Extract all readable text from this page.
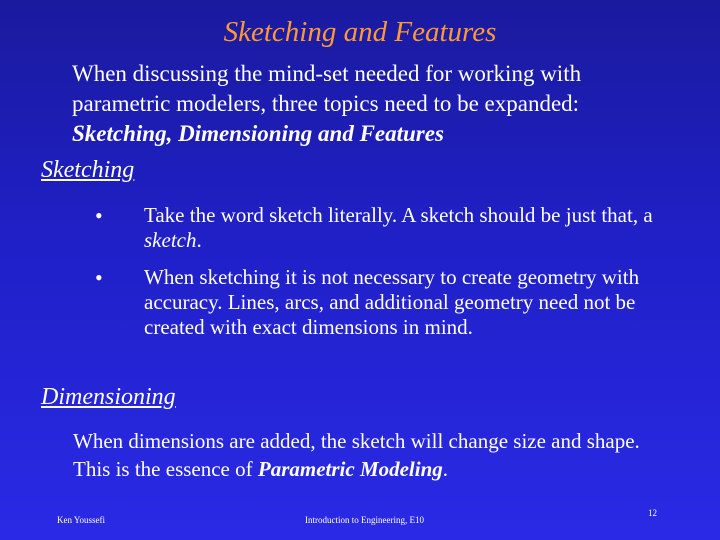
Sketching and Features
When discussing the mind-set needed for working with parametric modelers, three topics need to be expanded: Sketching, Dimensioning and Features
Sketching
• Take the word sketch literally. A sketch should be just that, a sketch.
• When sketching it is not necessary to create geometry with accuracy. Lines, arcs, and additional geometry need not be created with exact dimensions in mind.
Dimensioning
When dimensions are added, the sketch will change size and shape. This is the essence of Parametric Modeling.
Ken Youssefi	Introduction to Engineering, E10
12
